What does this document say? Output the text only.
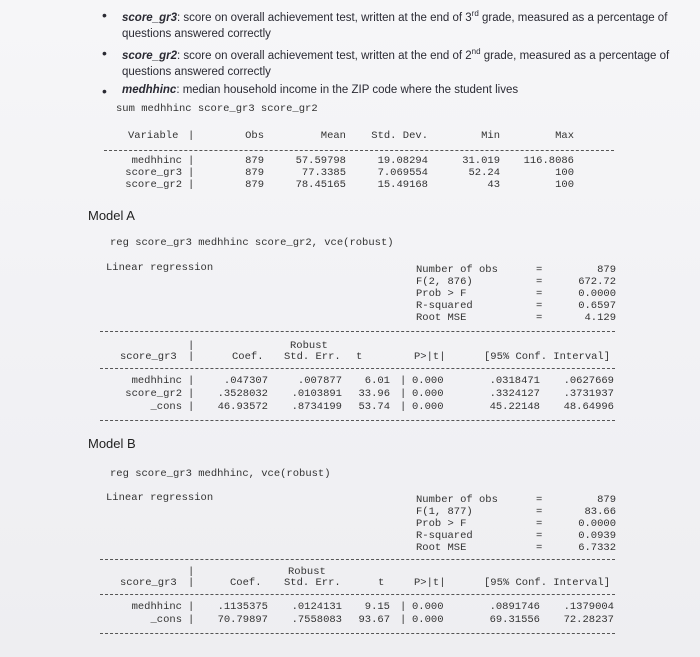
• score_gr3: score on overall achievement test, written at the end of 3rd grade, measured as a percentage of questions answered correctly
• score_gr2: score on overall achievement test, written at the end of 2nd grade, measured as a percentage of questions answered correctly
• medhhinc: median household income in the ZIP code where the student lives
sum medhhinc score_gr3 score_gr2
Variable |	Obs	Mean	Std. Dev.	Min	Max
medhhinc	879	57.59798	19.08294	31.019	116.8086
|
score_gr3	879	77.3385	7.069554	52.24	100
|
score_gr2	879	78.45165	15.49168	43	100
|
Model A
reg score_gr3 medhhinc score_gr2, vce(robust)
Linear regression	Number of obs	=	879
F(2, 876)	=	672.72
Prob > F	=	0.0000
R-squared	=	0.6597
Root MSE	=	4.129
|	Robust
score_gr3 |	Coef. Std. Err. t	P>|t|	[95% Conf. Interval]
medhhinc	.047307	.007877	6.01 0.000	.0318471	.0627669
|	|
score_gr2	.3528032	.0103891	33.96 0.000	.3324127	.3731937
|	|
_cons	46.93572	.8734199	53.74 0.000	45.22148	48.64996
|	|
Model B
reg score_gr3 medhhinc, vce(robust)
Linear regression	Number of obs	=	879
F(1, 877)	=	83.66
Prob > F	=	0.0000
R-squared	=	0.0939
Root MSE	=	6.7332
|	Robust
score_gr3 |	Coef. Std. Err.	t	P>|t|	[95% Conf. Interval]
medhhinc	.1135375	.0124131	9.15 0.000	.0891746	.1379004
|	|
_cons	70.79897	.7558083	93.67 0.000	69.31556	72.28237
|	|
